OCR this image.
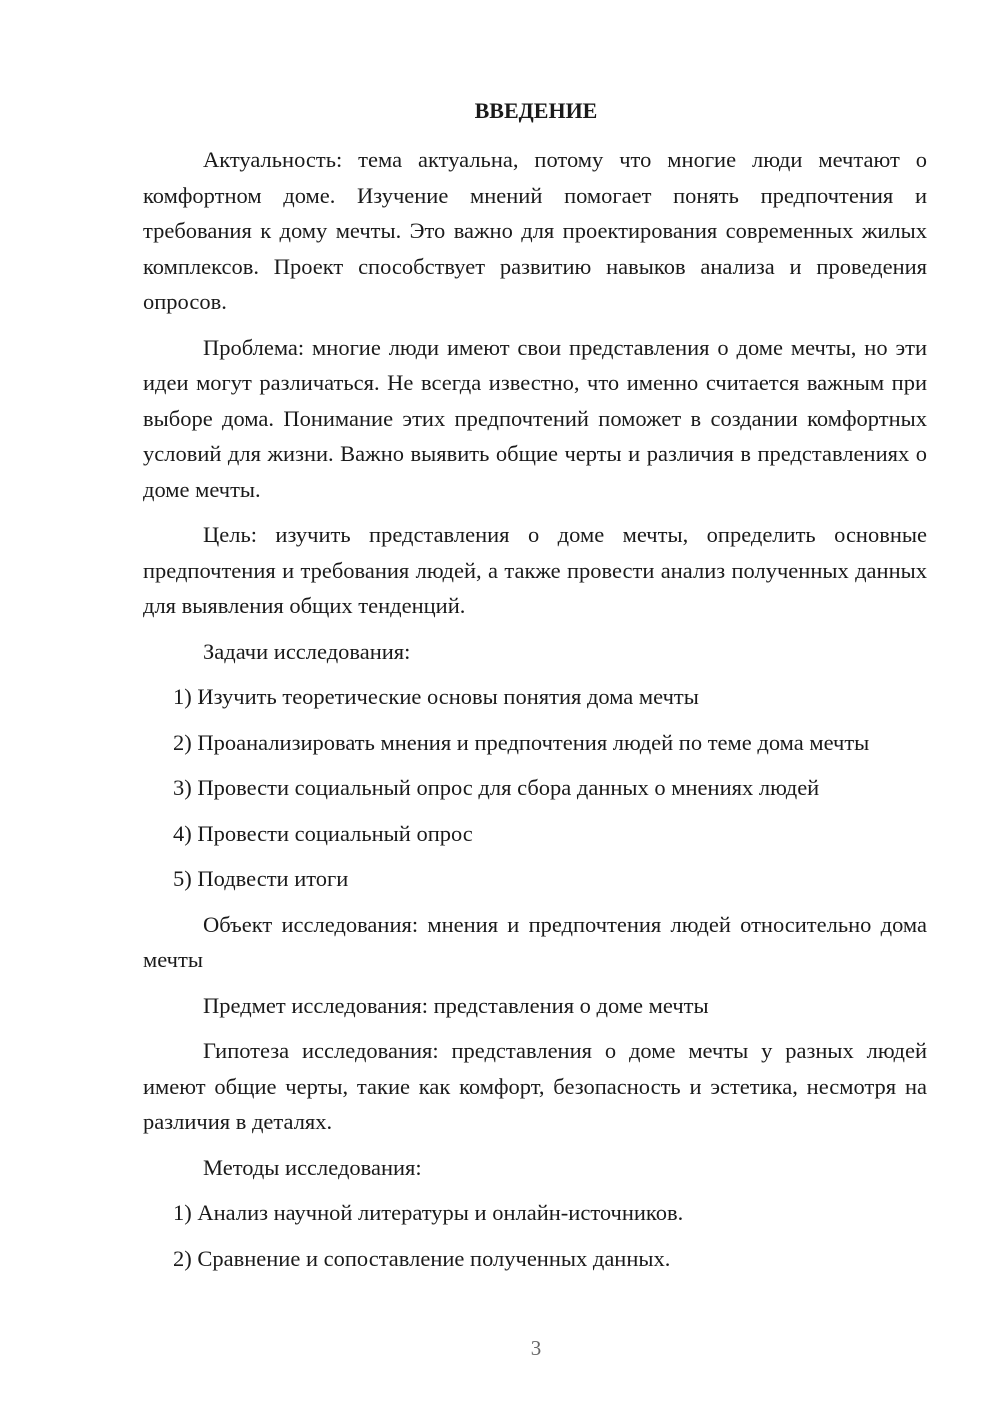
ВВЕДЕНИЕ

Актуальность: тема актуальна, потому что многие люди мечтают о комфортном доме. Изучение мнений помогает понять предпочтения и требования к дому мечты. Это важно для проектирования современных жилых комплексов. Проект способствует развитию навыков анализа и проведения опросов.

Проблема: многие люди имеют свои представления о доме мечты, но эти идеи могут различаться. Не всегда известно, что именно считается важным при выборе дома. Понимание этих предпочтений поможет в создании комфортных условий для жизни. Важно выявить общие черты и различия в представлениях о доме мечты.

Цель: изучить представления о доме мечты, определить основные предпочтения и требования людей, а также провести анализ полученных данных для выявления общих тенденций.

Задачи исследования:

1) Изучить теоретические основы понятия дома мечты

2) Проанализировать мнения и предпочтения людей по теме дома мечты

3) Провести социальный опрос для сбора данных о мнениях людей

4) Провести социальный опрос

5) Подвести итоги

Объект исследования: мнения и предпочтения людей относительно дома мечты

Предмет исследования: представления о доме мечты

Гипотеза исследования: представления о доме мечты у разных людей имеют общие черты, такие как комфорт, безопасность и эстетика, несмотря на различия в деталях.

Методы исследования:

1) Анализ научной литературы и онлайн-источников.

2) Сравнение и сопоставление полученных данных.

3
